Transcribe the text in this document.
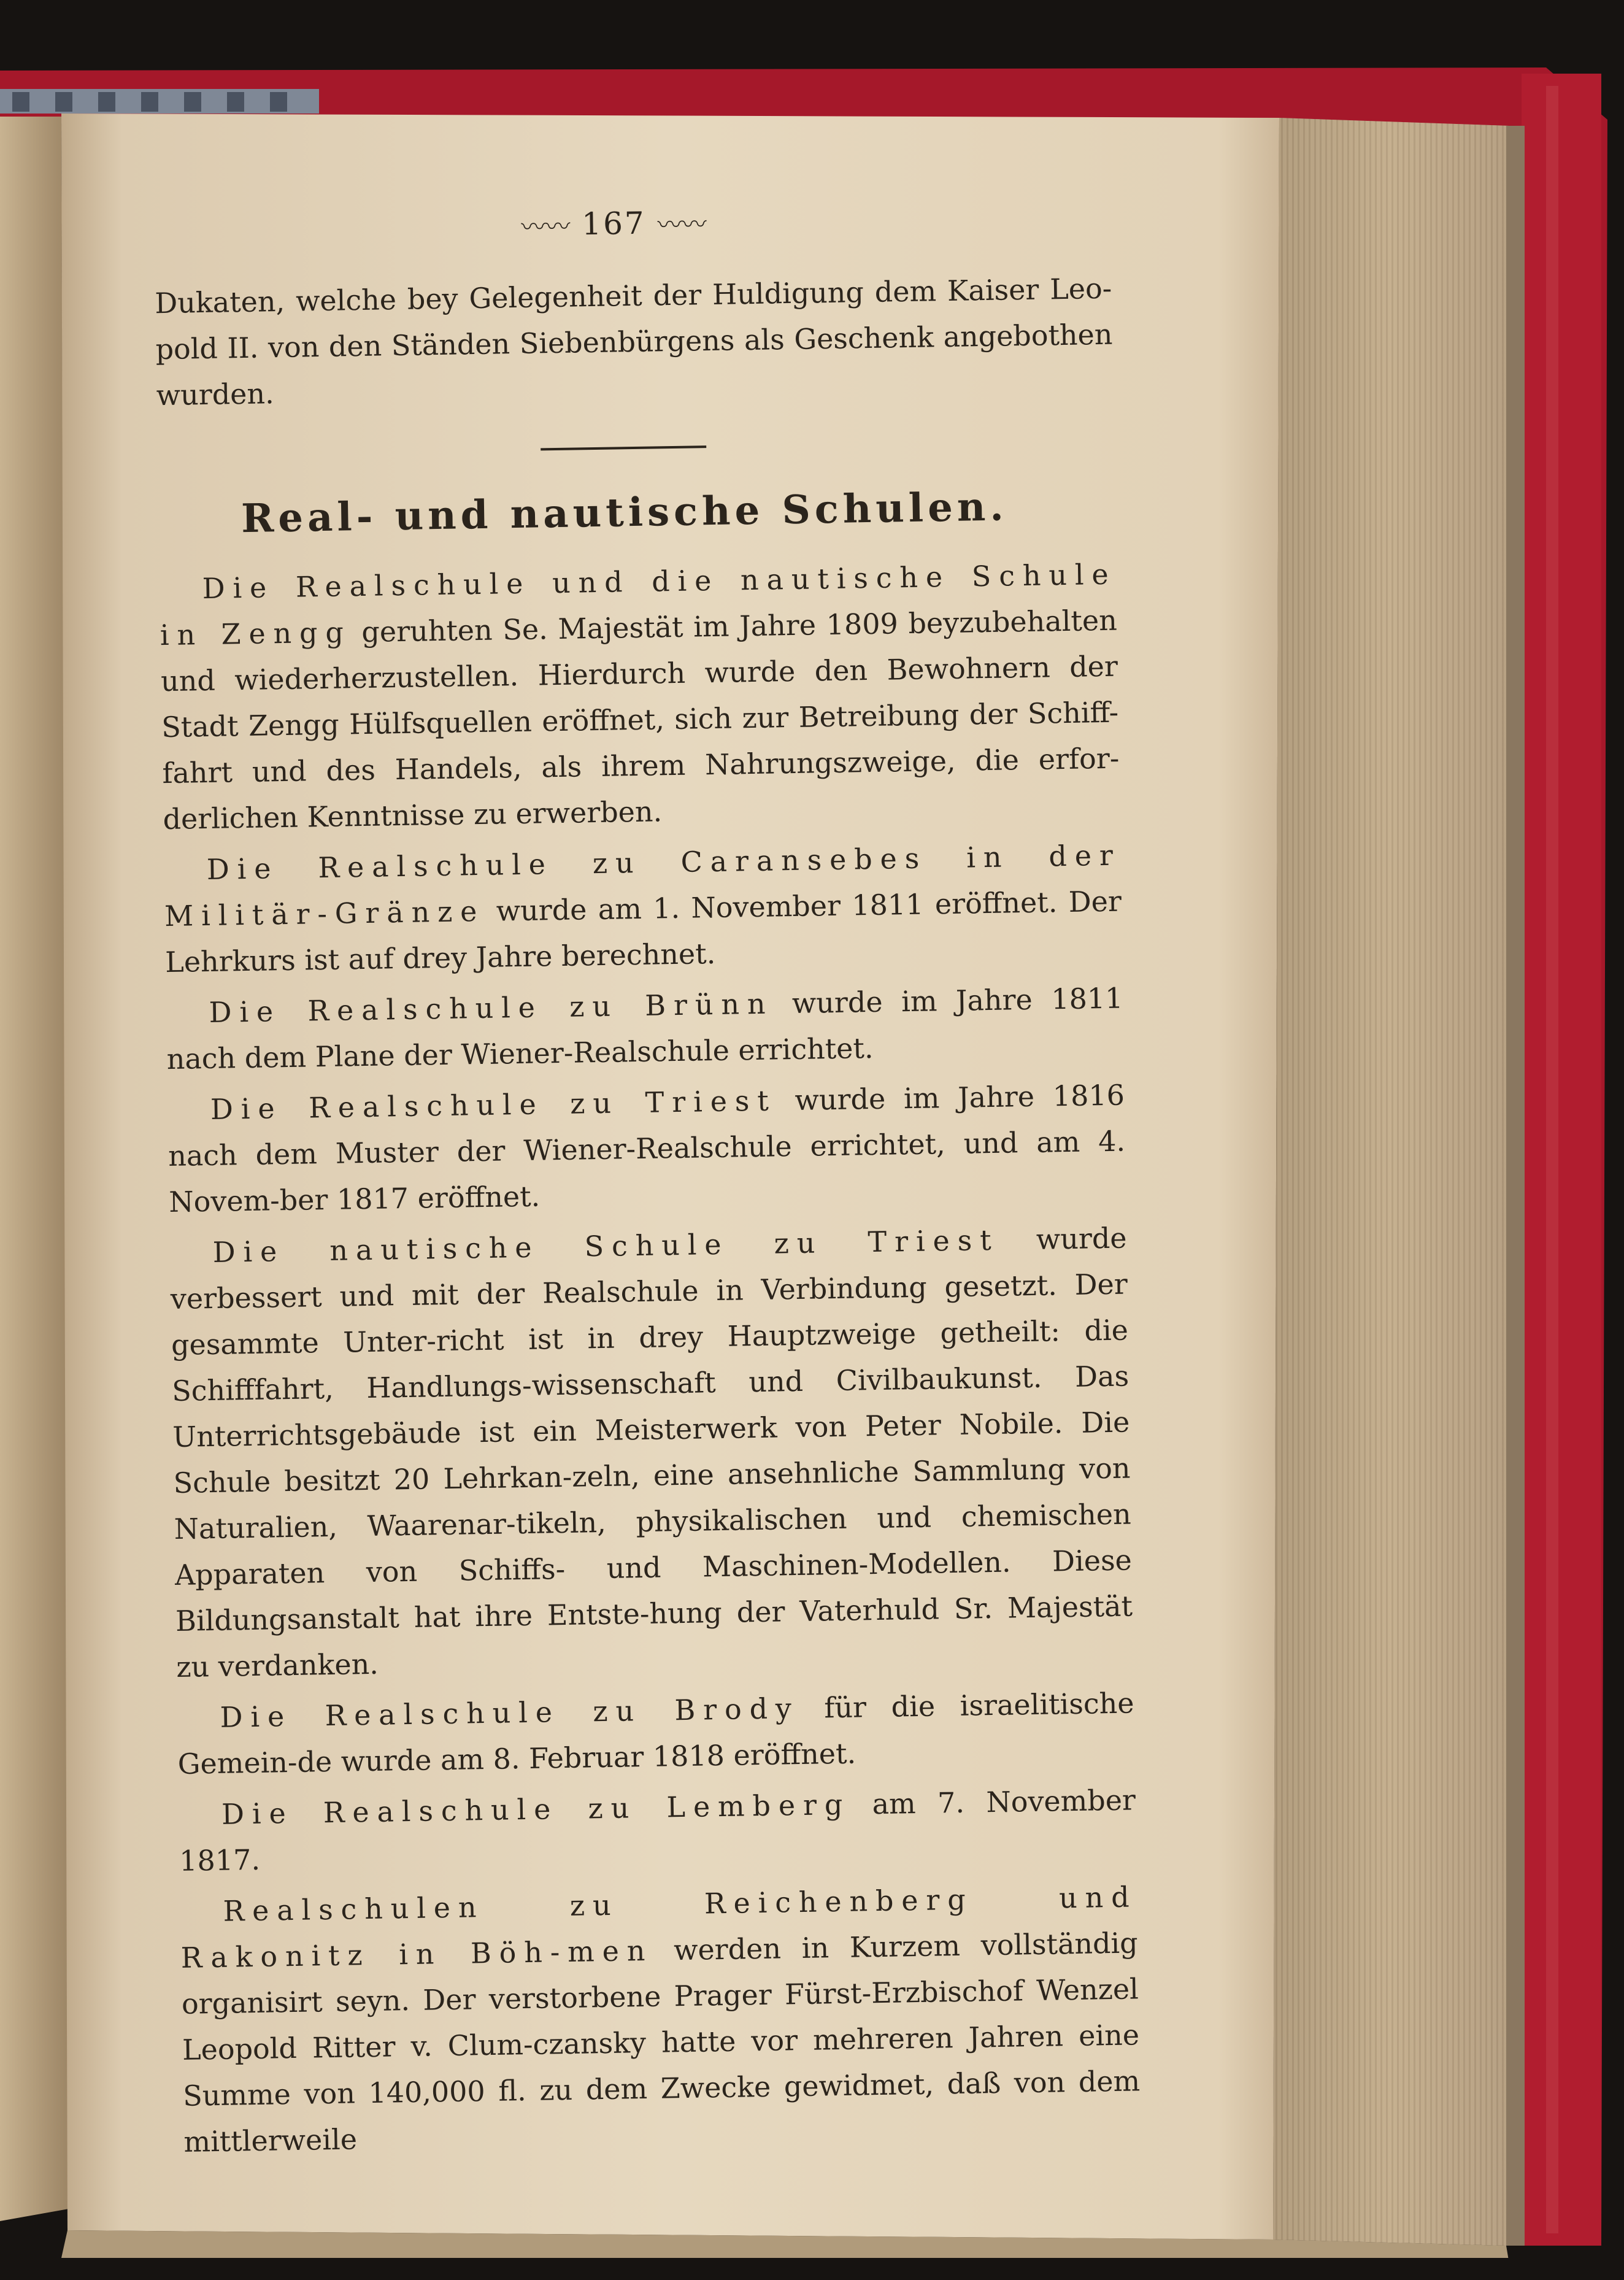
〰〰 167 〰〰

Dukaten, welche bey Gelegenheit der Huldigung dem Kaiser Leo-pold II. von den Ständen Siebenbürgens als Geschenk angebothen wurden.

Real- und nautische Schulen.

Die Realschule und die nautische Schule in Zengg geruhten Se. Majestät im Jahre 1809 beyzubehalten und wiederherzustellen. Hierdurch wurde den Bewohnern der Stadt Zengg Hülfsquellen eröffnet, sich zur Betreibung der Schiff-fahrt und des Handels, als ihrem Nahrungszweige, die erfor-derlichen Kenntnisse zu erwerben.

Die Realschule zu Caransebes in der Militär-Gränze wurde am 1. November 1811 eröffnet. Der Lehrkurs ist auf drey Jahre berechnet.

Die Realschule zu Brünn wurde im Jahre 1811 nach dem Plane der Wiener-Realschule errichtet.

Die Realschule zu Triest wurde im Jahre 1816 nach dem Muster der Wiener-Realschule errichtet, und am 4. Novem-ber 1817 eröffnet.

Die nautische Schule zu Triest wurde verbessert und mit der Realschule in Verbindung gesetzt. Der gesammte Unter-richt ist in drey Hauptzweige getheilt: die Schifffahrt, Handlungs-wissenschaft und Civilbaukunst. Das Unterrichtsgebäude ist ein Meisterwerk von Peter Nobile. Die Schule besitzt 20 Lehrkan-zeln, eine ansehnliche Sammlung von Naturalien, Waarenar-tikeln, physikalischen und chemischen Apparaten von Schiffs- und Maschinen-Modellen. Diese Bildungsanstalt hat ihre Entste-hung der Vaterhuld Sr. Majestät zu verdanken.

Die Realschule zu Brody für die israelitische Gemein-de wurde am 8. Februar 1818 eröffnet.

Die Realschule zu Lemberg am 7. November 1817.

Realschulen zu Reichenberg und Rakonitz in Böh-men werden in Kurzem vollständig organisirt seyn. Der verstorbene Prager Fürst-Erzbischof Wenzel Leopold Ritter v. Clum-czansky hatte vor mehreren Jahren eine Summe von 140,000 fl. zu dem Zwecke gewidmet, daß von dem mittlerweile
